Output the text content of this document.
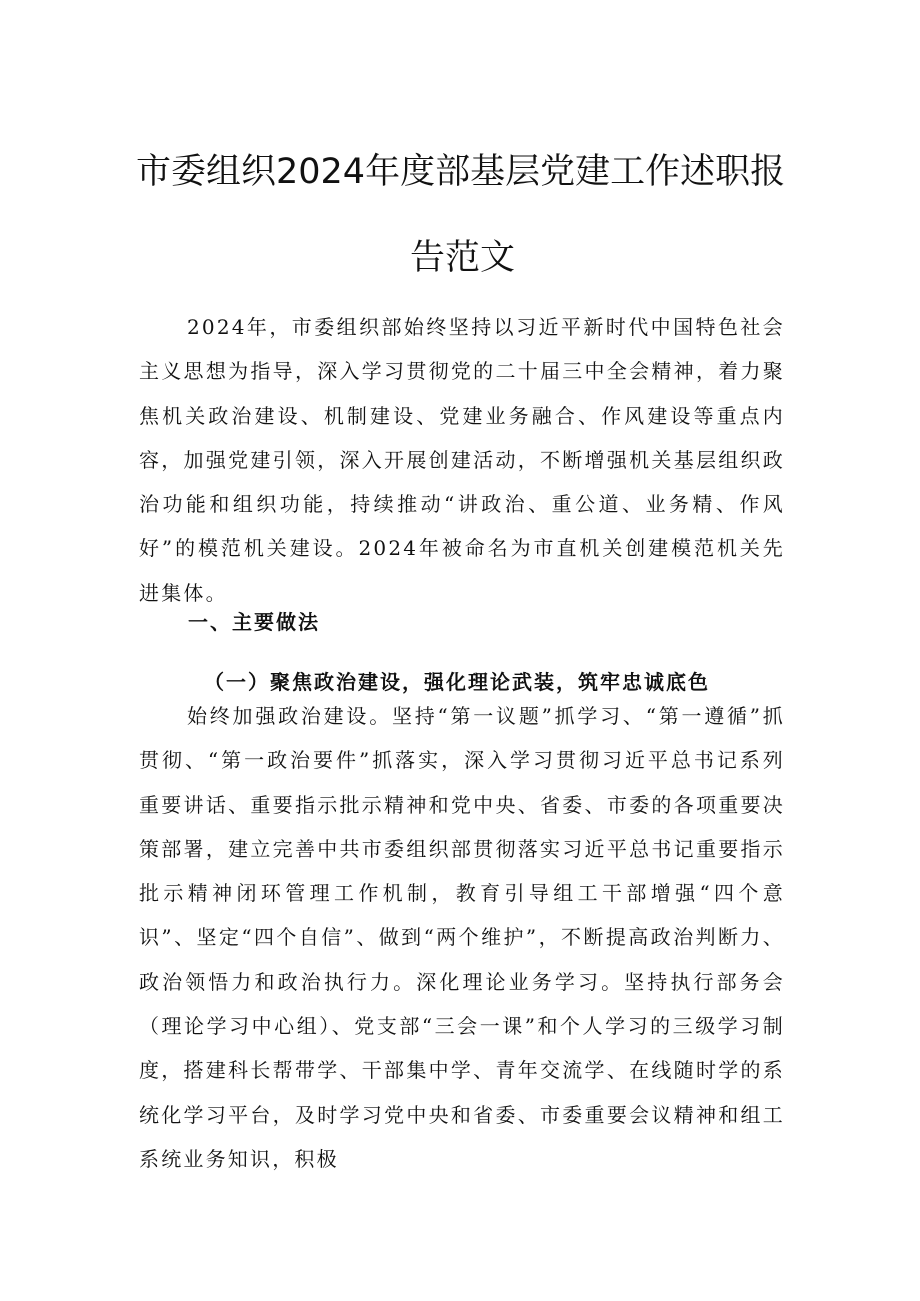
市委组织2024年度部基层党建工作述职报
告范文

2024年，市委组织部始终坚持以习近平新时代中国特色社会主义思想为指导，深入学习贯彻党的二十届三中全会精神，着力聚焦机关政治建设、机制建设、党建业务融合、作风建设等重点内容，加强党建引领，深入开展创建活动，不断增强机关基层组织政治功能和组织功能，持续推动“讲政治、重公道、业务精、作风好”的模范机关建设。2024年被命名为市直机关创建模范机关先进集体。

一、主要做法
（一）聚焦政治建设，强化理论武装，筑牢忠诚底色

始终加强政治建设。坚持“第一议题”抓学习、“第一遵循”抓贯彻、“第一政治要件”抓落实，深入学习贯彻习近平总书记系列重要讲话、重要指示批示精神和党中央、省委、市委的各项重要决策部署，建立完善中共市委组织部贯彻落实习近平总书记重要指示批示精神闭环管理工作机制，教育引导组工干部增强“四个意识”、坚定“四个自信”、做到“两个维护”，不断提高政治判断力、政治领悟力和政治执行力。深化理论业务学习。坚持执行部务会（理论学习中心组）、党支部“三会一课”和个人学习的三级学习制度，搭建科长帮带学、干部集中学、青年交流学、在线随时学的系统化学习平台，及时学习党中央和省委、市委重要会议精神和组工系统业务知识，积极
